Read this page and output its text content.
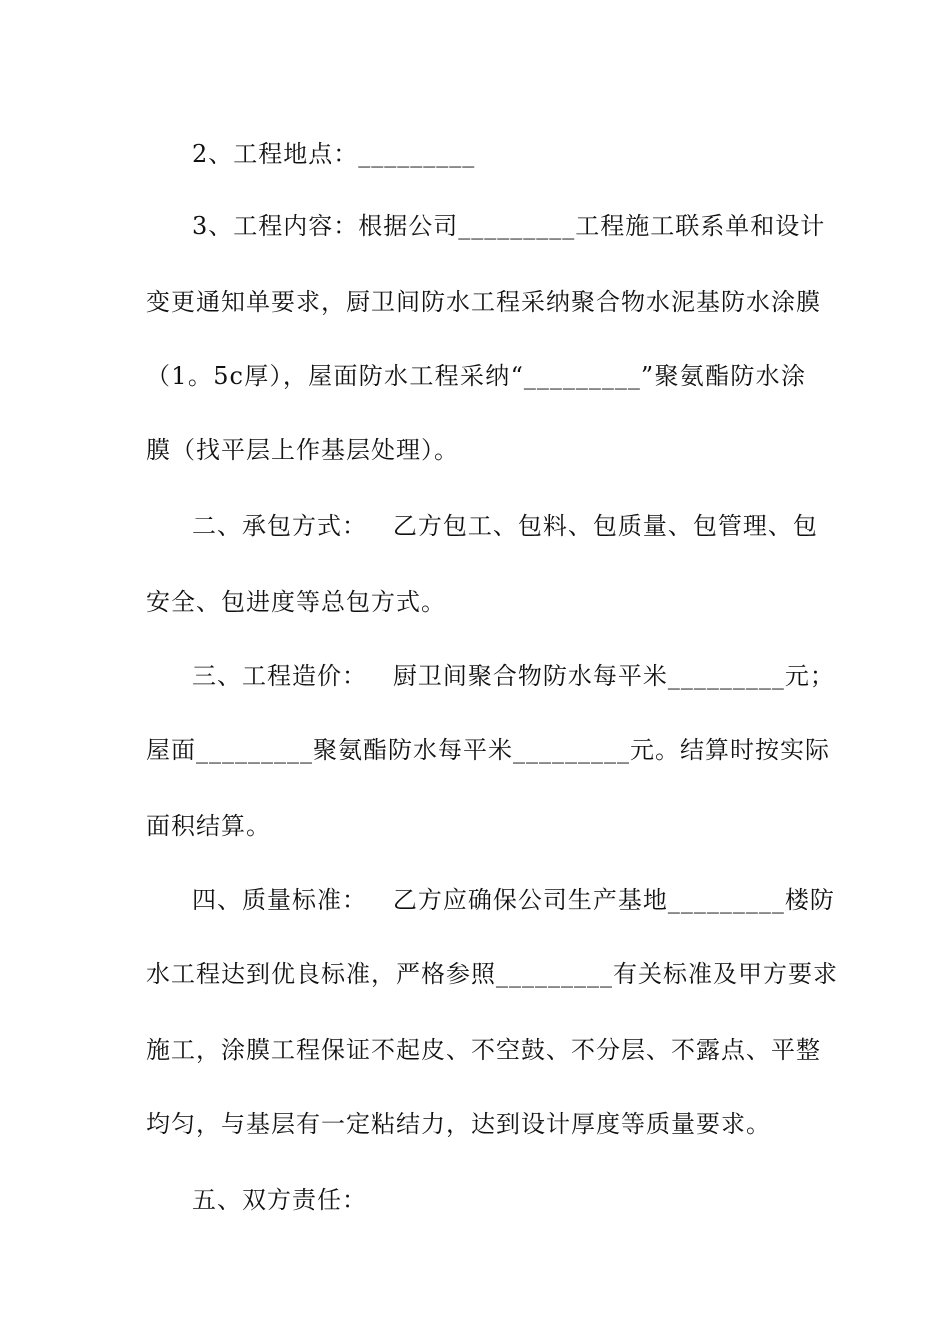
2、工程地点：_________
3、工程内容：根据公司_________工程施工联系单和设计
变更通知单要求，厨卫间防水工程采纳聚合物水泥基防水涂膜
（1。5c厚），屋面防水工程采纳“_________”聚氨酯防水涂
膜（找平层上作基层处理）。
二、承包方式：   乙方包工、包料、包质量、包管理、包
安全、包进度等总包方式。
三、工程造价：   厨卫间聚合物防水每平米_________元；
屋面_________聚氨酯防水每平米_________元。结算时按实际
面积结算。
四、质量标准：   乙方应确保公司生产基地_________楼防
水工程达到优良标准，严格参照_________有关标准及甲方要求
施工，涂膜工程保证不起皮、不空鼓、不分层、不露点、平整
均匀，与基层有一定粘结力，达到设计厚度等质量要求。
五、双方责任：
